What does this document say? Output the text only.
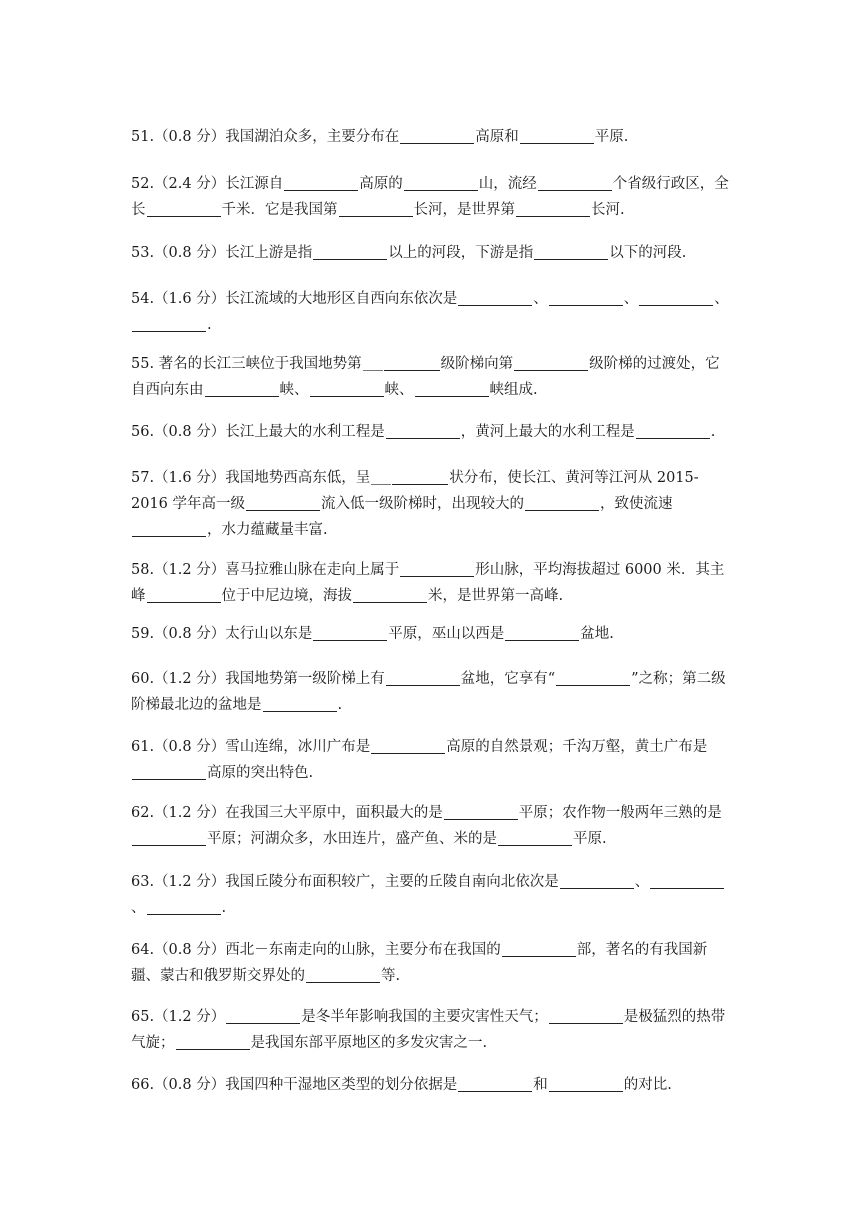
51.（0.8 分）我国湖泊众多，主要分布在	高原和	平原.
52.（2.4 分）长江源自	高原的	山，流经	个省级行政区，全长	千米．它是我国第	长河，是世界第	长河.
53.（0.8 分）长江上游是指	以上的河段，下游是指	以下的河段.
54.（1.6 分）长江流域的大地形区自西向东依次是	、	、	、.
55. 著名的长江三峡位于我国地势第	级阶梯向第	级阶梯的过渡处，它自西向东由	峡、	峡、	峡组成.
56.（0.8 分）长江上最大的水利工程是	，黄河上最大的水利工程是	.
57.（1.6 分）我国地势西高东低，呈	状分布，使长江、黄河等江河从 2015-2016 学年高一级	流入低一级阶梯时，出现较大的	，致使流速，水力蕴藏量丰富.
58.（1.2 分）喜马拉雅山脉在走向上属于	形山脉，平均海拔超过 6000 米．其主峰	位于中尼边境，海拔	米，是世界第一高峰.
59.（0.8 分）太行山以东是	平原，巫山以西是	盆地.
60.（1.2 分）我国地势第一级阶梯上有	盆地，它享有“	”之称；第二级阶梯最北边的盆地是	.
61.（0.8 分）雪山连绵，冰川广布是	高原的自然景观；千沟万壑，黄土广布是高原的突出特色.
62.（1.2 分）在我国三大平原中，面积最大的是	平原；农作物一般两年三熟的是平原；河湖众多，水田连片，盛产鱼、米的是	平原.
63.（1.2 分）我国丘陵分布面积较广，主要的丘陵自南向北依次是	、、	.
64.（0.8 分）西北－东南走向的山脉，主要分布在我国的	部，著名的有我国新疆、蒙古和俄罗斯交界处的	等.
65.（1.2 分）	是冬半年影响我国的主要灾害性天气；	是极猛烈的热带气旋；	是我国东部平原地区的多发灾害之一.
66.（0.8 分）我国四种干湿地区类型的划分依据是	和	的对比.
